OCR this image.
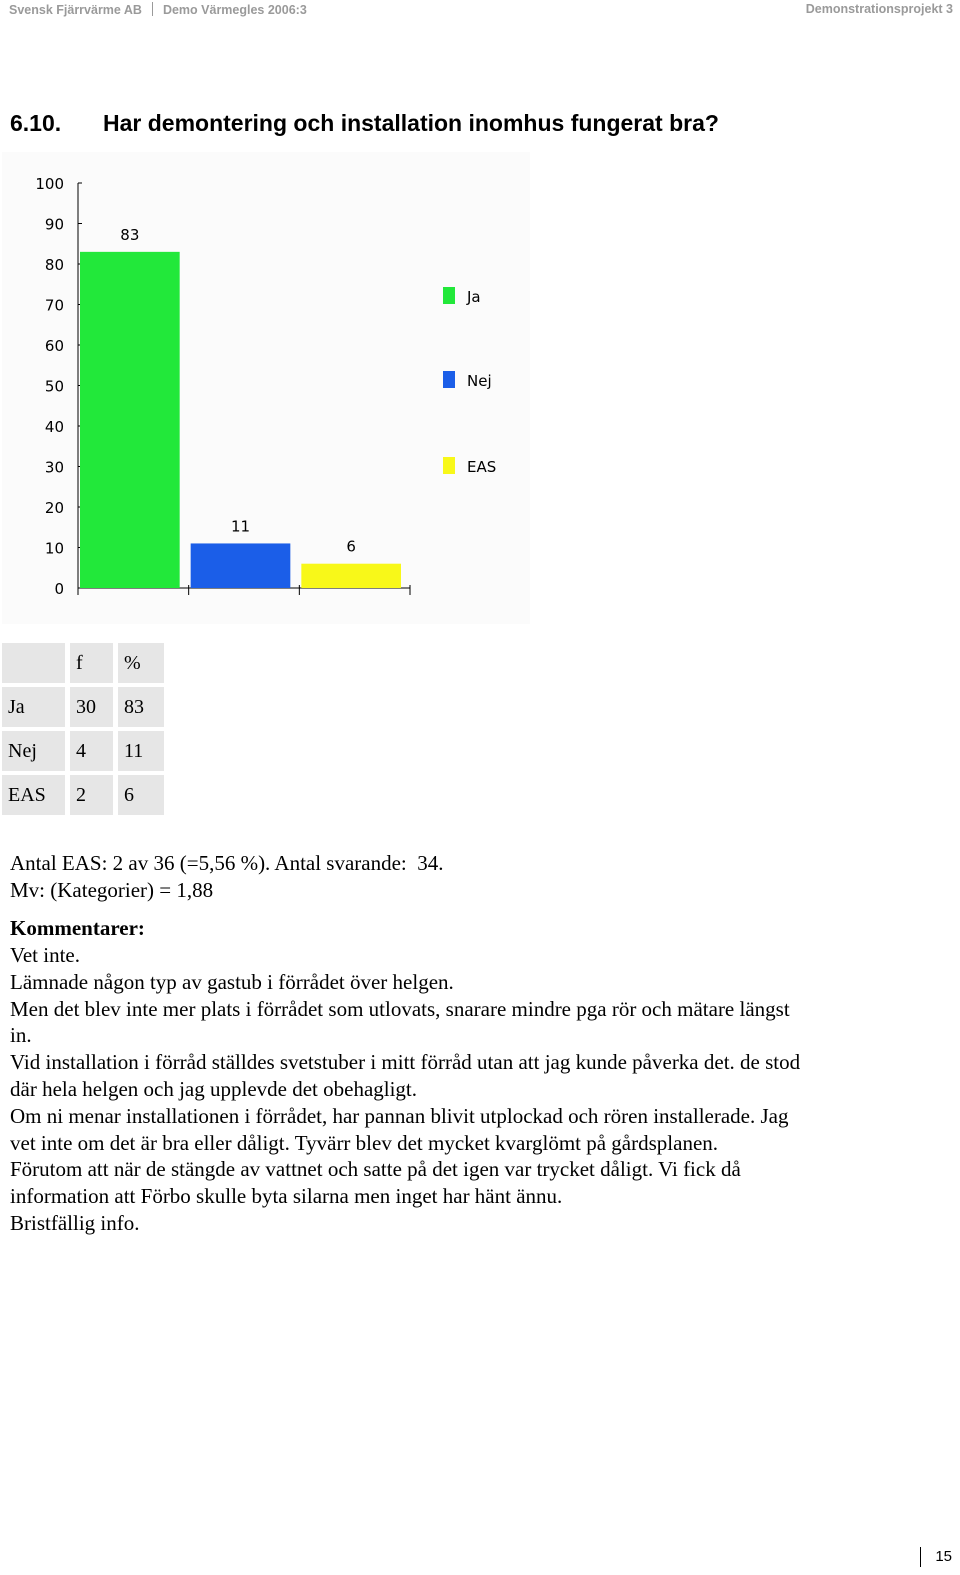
Svensk Fjärrvärme AB Demo Värmegles 2006:3	Demonstrationsprojekt 3
6.10. Har demontering och installation inomhus fungerat bra?
0
10
20
30
40
50
60
70
80
90
100
83
11
6
Ja
Nej
EAS
	f	%
Ja	30	83
Nej	4	11
EAS	2	6
Antal EAS: 2 av 36 (=5,56 %). Antal svarande:  34.
Mv: (Kategorier) = 1,88
Kommentarer:

Vet inte.

Lämnade någon typ av gastub i förrådet över helgen.

Men det blev inte mer plats i förrådet som utlovats, snarare mindre pga rör och mätare längst in.

Vid installation i förråd ställdes svetstuber i mitt förråd utan att jag kunde påverka det. de stod där hela helgen och jag upplevde det obehagligt.

Om ni menar installationen i förrådet, har pannan blivit utplockad och rören installerade. Jag vet inte om det är bra eller dåligt. Tyvärr blev det mycket kvarglömt på gårdsplanen.

Förutom att när de stängde av vattnet och satte på det igen var trycket dåligt. Vi fick då information att Förbo skulle byta silarna men inget har hänt ännu.

Bristfällig info.

15
